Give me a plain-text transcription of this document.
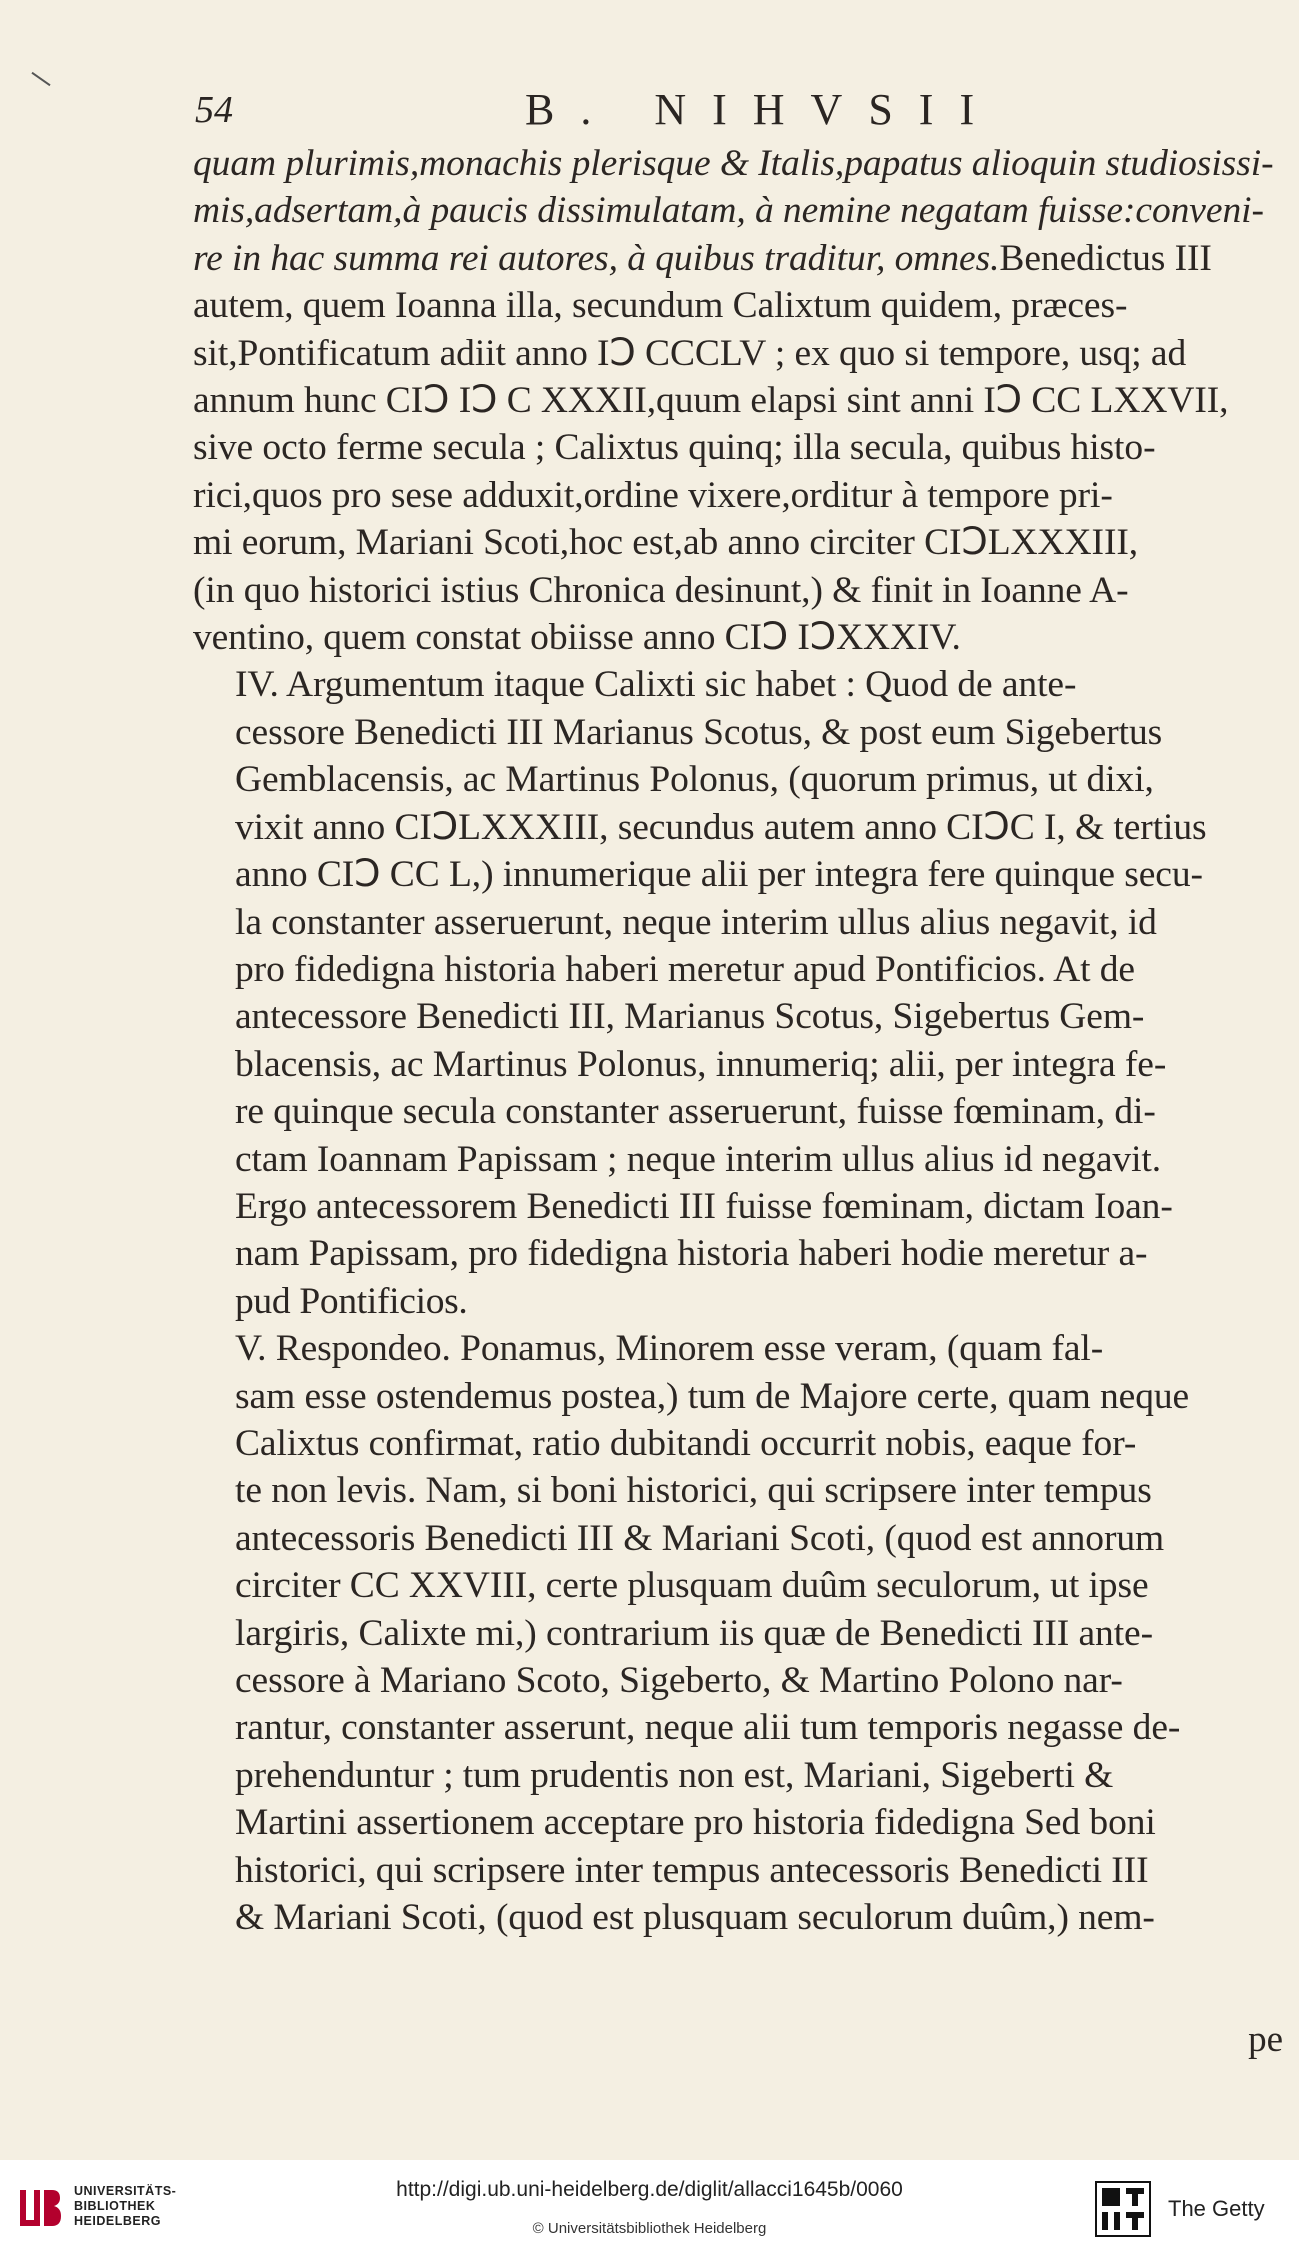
54	B. NIHVSII

quam plurimis,monachis plerisque & Italis,papatus alioquin studiosissi-
mis,adsertam,à paucis dissimulatam, à nemine negatam fuisse:conveni-
re in hac summa rei autores, à quibus traditur, omnes.Benedictus III
autem, quem Ioanna illa, secundum Calixtum quidem, præces-
sit,Pontificatum adiit anno IↃ CCCLV ; ex quo si tempore, usq; ad
annum hunc CIↃ IↃ C XXXII,quum elapsi sint anni IↃ CC LXXVII,
sive octo ferme secula ; Calixtus quinq; illa secula, quibus histo-
rici,quos pro sese adduxit,ordine vixere,orditur à tempore pri-
mi eorum, Mariani Scoti,hoc est,ab anno circiter CIↃLXXXIII,
(in quo historici istius Chronica desinunt,) & finit in Ioanne A-
ventino, quem constat obiisse anno CIↃ IↃXXXIV.

IV. Argumentum itaque Calixti sic habet : Quod de ante-
cessore Benedicti III Marianus Scotus, & post eum Sigebertus
Gemblacensis, ac Martinus Polonus, (quorum primus, ut dixi,
vixit anno CIↃLXXXIII, secundus autem anno CIↃC I, & tertius
anno CIↃ CC L,) innumerique alii per integra fere quinque secu-
la constanter asseruerunt, neque interim ullus alius negavit, id
pro fidedigna historia haberi meretur apud Pontificios. At de
antecessore Benedicti III, Marianus Scotus, Sigebertus Gem-
blacensis, ac Martinus Polonus, innumeriq; alii, per integra fe-
re quinque secula constanter asseruerunt, fuisse fœminam, di-
ctam Ioannam Papissam ; neque interim ullus alius id negavit.
Ergo antecessorem Benedicti III fuisse fœminam, dictam Ioan-
nam Papissam, pro fidedigna historia haberi hodie meretur a-
pud Pontificios.

V. Respondeo. Ponamus, Minorem esse veram, (quam fal-
sam esse ostendemus postea,) tum de Majore certe, quam neque
Calixtus confirmat, ratio dubitandi occurrit nobis, eaque for-
te non levis. Nam, si boni historici, qui scripsere inter tempus
antecessoris Benedicti III & Mariani Scoti, (quod est annorum
circiter CC XXVIII, certe plusquam duûm seculorum, ut ipse
largiris, Calixte mi,) contrarium iis quæ de Benedicti III ante-
cessore à Mariano Scoto, Sigeberto, & Martino Polono nar-
rantur, constanter asserunt, neque alii tum temporis negasse de-
prehenduntur ; tum prudentis non est, Mariani, Sigeberti &
Martini assertionem acceptare pro historia fidedigna Sed boni
historici, qui scripsere inter tempus antecessoris Benedicti III
& Mariani Scoti, (quod est plusquam seculorum duûm,) nem-

pe
UNIVERSITÄTS-
BIBLIOTHEK
HEIDELBERG
http://digi.ub.uni-heidelberg.de/diglit/allacci1645b/0060
© Universitätsbibliothek Heidelberg
The Getty
